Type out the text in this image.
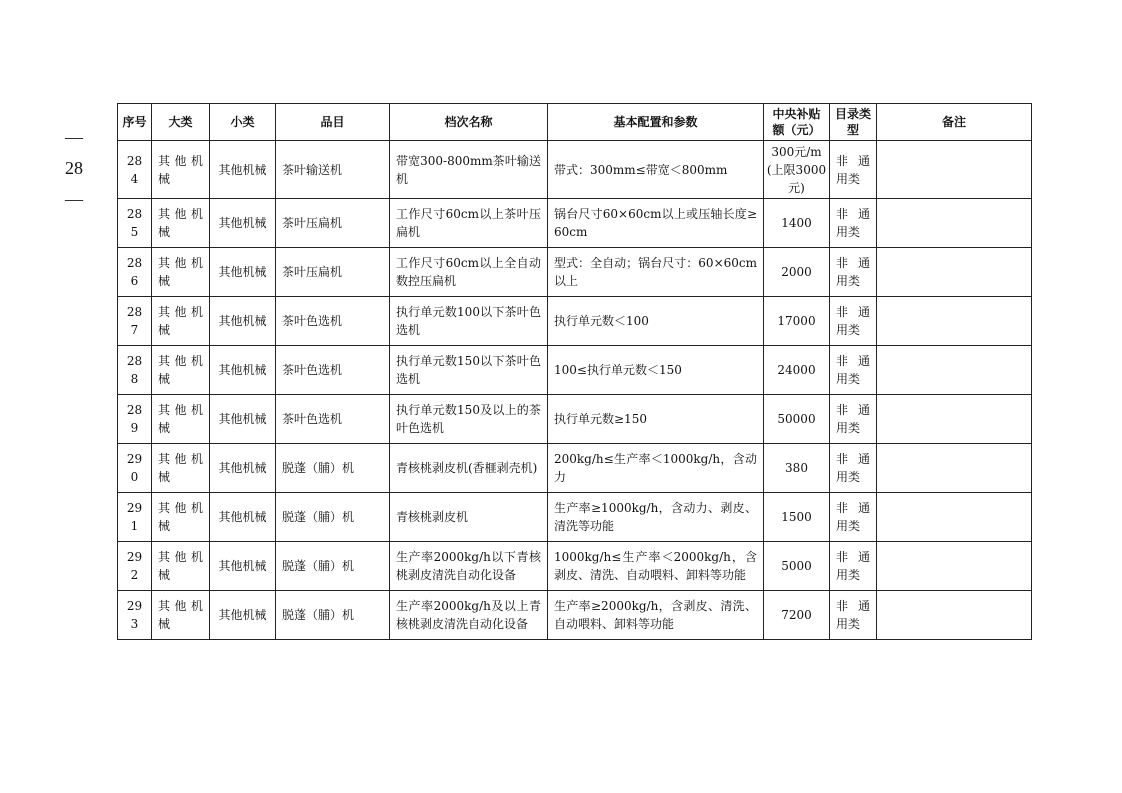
—
28
—
序号	大类	小类	品目	档次名称	基本配置和参数	中央补贴额（元）	目录类型	备注
284	其他机械	其他机械	茶叶输送机	带宽300-800mm茶叶输送机	带式：300mm≤带宽＜800mm	300元/m(上限3000元)	非通用类	
285	其他机械	其他机械	茶叶压扁机	工作尺寸60cm以上茶叶压扁机	锅台尺寸60×60cm以上或压轴长度≥60cm	1400	非通用类	
286	其他机械	其他机械	茶叶压扁机	工作尺寸60cm以上全自动数控压扁机	型式：全自动；锅台尺寸：60×60cm以上	2000	非通用类	
287	其他机械	其他机械	茶叶色选机	执行单元数100以下茶叶色选机	执行单元数＜100	17000	非通用类	
288	其他机械	其他机械	茶叶色选机	执行单元数150以下茶叶色选机	100≤执行单元数＜150	24000	非通用类	
289	其他机械	其他机械	茶叶色选机	执行单元数150及以上的茶叶色选机	执行单元数≥150	50000	非通用类	
290	其他机械	其他机械	脱蓬（脯）机	青核桃剥皮机(香榧剥壳机)	200kg/h≤生产率＜1000kg/h，含动力	380	非通用类	
291	其他机械	其他机械	脱蓬（脯）机	青核桃剥皮机	生产率≥1000kg/h，含动力、剥皮、清洗等功能	1500	非通用类	
292	其他机械	其他机械	脱蓬（脯）机	生产率2000kg/h以下青核桃剥皮清洗自动化设备	1000kg/h≤生产率＜2000kg/h，含剥皮、清洗、自动喂料、卸料等功能	5000	非通用类	
293	其他机械	其他机械	脱蓬（脯）机	生产率2000kg/h及以上青核桃剥皮清洗自动化设备	生产率≥2000kg/h，含剥皮、清洗、自动喂料、卸料等功能	7200	非通用类	
